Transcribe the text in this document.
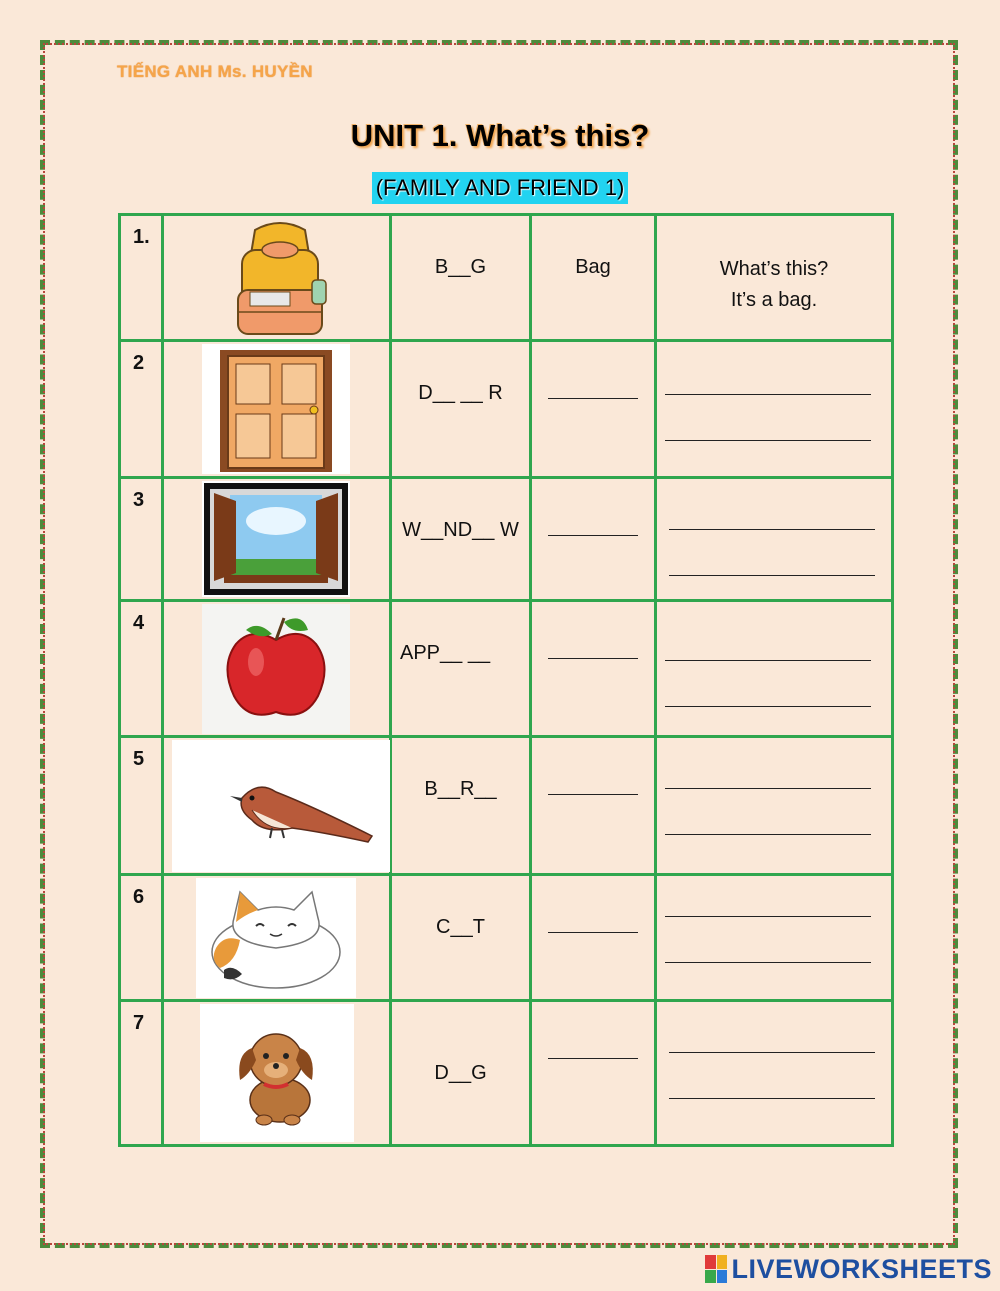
TIẾNG ANH Ms. HUYỀN
UNIT 1. What’s this?
(FAMILY AND FRIEND 1)
1.		B__G	Bag	What’s this?
It’s a bag.

2		D__ __ R		

3		W__ND__ W		

4		APP__ __		

5		B__R__		

6		C__T		

7		D__G		
LIVEWORKSHEETS
